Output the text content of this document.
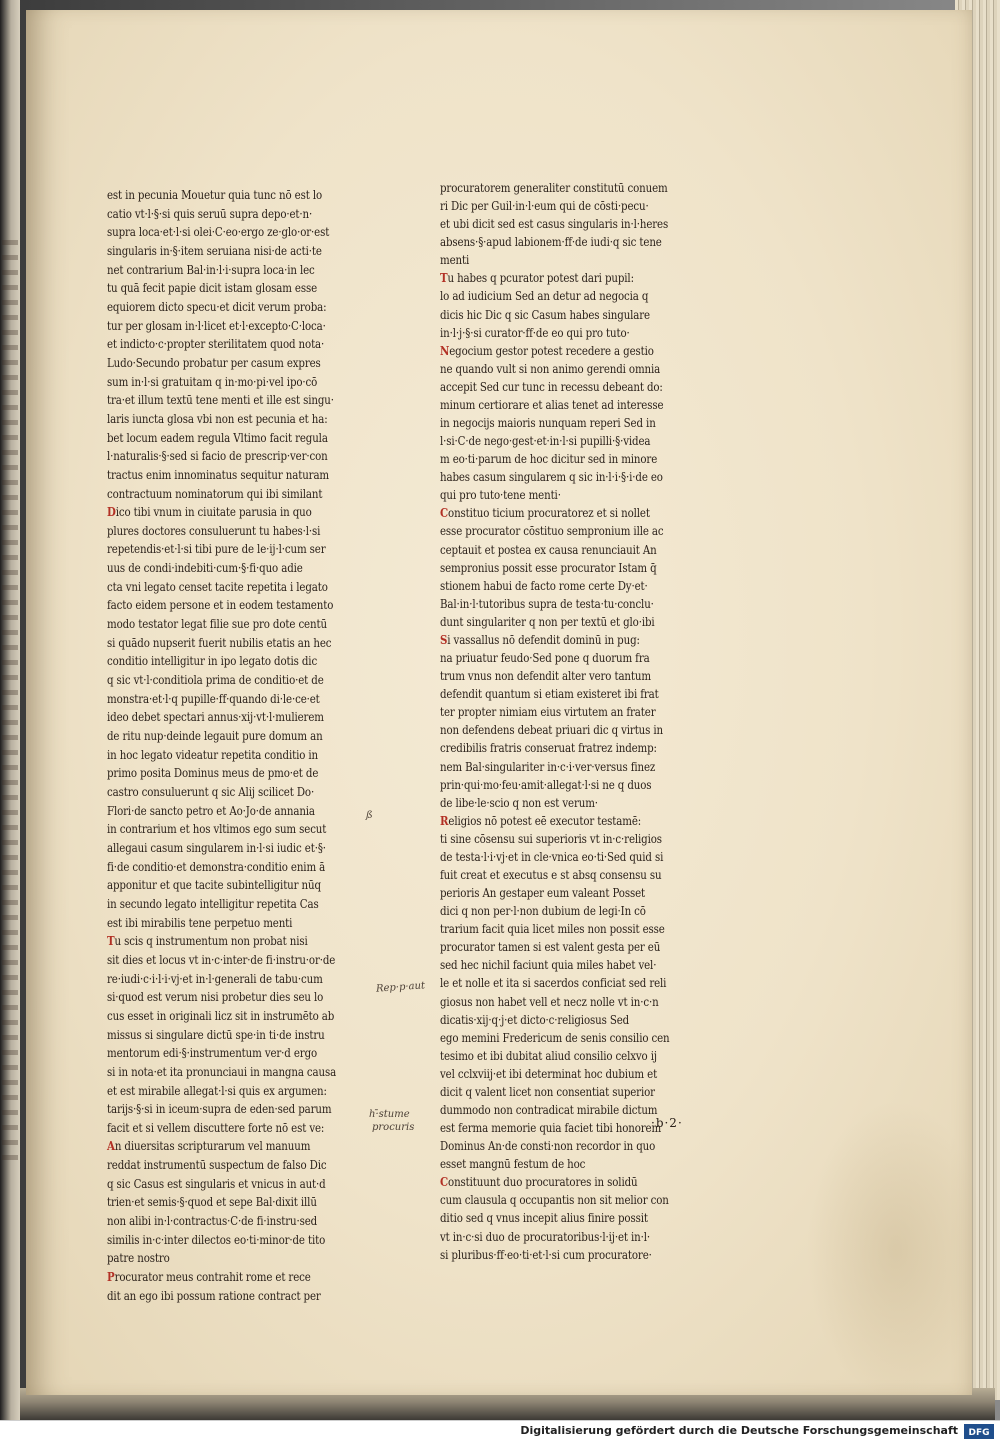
est in pecunia Mouetur quia tunc nō est lo
catio vt·l·§·si quis seruū supra depo·et·n·
supra loca·et·l·si olei·C·eo·ergo ze·glo·or·est
singularis in·§·item seruiana nisi·de acti·te
net contrarium Bal·in·l·i·supra loca·in lec
tu quā fecit papie dicit istam glosam esse
equiorem dicto specu·et dicit verum proba:
tur per glosam in·l·licet et·l·excepto·C·loca·
et indicto·c·propter sterilitatem quod nota·
Ludo·Secundo probatur per casum expres
sum in·l·si gratuitam q in·mo·pi·vel ipo·cō
tra·et illum textū tene menti et ille est singu·
laris iuncta glosa vbi non est pecunia et ha:
bet locum eadem regula Vltimo facit regula
l·naturalis·§·sed si facio de prescrip·ver·con
tractus enim innominatus sequitur naturam
contractuum nominatorum qui ibi similant
Dico tibi vnum in ciuitate parusia in quo
plures doctores consuluerunt tu habes·l·si
repetendis·et·l·si tibi pure de le·ij·l·cum ser
uus de condi·indebiti·cum·§·fi·quo adie
cta vni legato censet tacite repetita i legato
facto eidem persone et in eodem testamento
modo testator legat filie sue pro dote centū
si quādo nupserit fuerit nubilis etatis an hec
conditio intelligitur in ipo legato dotis dic
q sic vt·l·conditiola prima de conditio·et de
monstra·et·l·q pupille·ff·quando di·le·ce·et
ideo debet spectari annus·xij·vt·l·mulierem
de ritu nup·deinde legauit pure domum an
in hoc legato videatur repetita conditio in
primo posita Dominus meus de pmo·et de
castro consuluerunt q sic Alij scilicet Do·
Flori·de sancto petro et Ao·Jo·de annania
in contrarium et hos vltimos ego sum secut
allegaui casum singularem in·l·si iudic et·§·
fi·de conditio·et demonstra·conditio enim ā
apponitur et que tacite subintelligitur nūq
in secundo legato intelligitur repetita Cas
est ibi mirabilis tene perpetuo menti
Tu scis q instrumentum non probat nisi
sit dies et locus vt in·c·inter·de fi·instru·or·de
re·iudi·c·i·l·i·vj·et in·l·generali de tabu·cum
si·quod est verum nisi probetur dies seu lo
cus esset in originali licz sit in instrumēto ab
missus si singulare dictū spe·in ti·de instru
mentorum edi·§·instrumentum ver·d ergo
si in nota·et ita pronunciaui in mangna causa
et est mirabile allegat·l·si quis ex argumen:
tarijs·§·si in iceum·supra de eden·sed parum
facit et si vellem discuttere forte nō est ve:
An diuersitas scripturarum vel manuum
reddat instrumentū suspectum de falso Dic
q sic Casus est singularis et vnicus in aut·d
trien·et semis·§·quod et sepe Bal·dixit illū
non alibi in·l·contractus·C·de fi·instru·sed
similis in·c·inter dilectos eo·ti·minor·de tito
patre nostro
Procurator meus contrahit rome et rece
dit an ego ibi possum ratione contract per
procuratorem generaliter constitutū conuem
ri Dic per Guil·in·l·eum qui de cōsti·pecu·
et ubi dicit sed est casus singularis in·l·heres
absens·§·apud labionem·ff·de iudi·q sic tene
menti
Tu habes q pcurator potest dari pupil:
lo ad iudicium Sed an detur ad negocia q
dicis hic Dic q sic Casum habes singulare
in·l·j·§·si curator·ff·de eo qui pro tuto·
Negocium gestor potest recedere a gestio
ne quando vult si non animo gerendi omnia
accepit Sed cur tunc in recessu debeant do:
minum certiorare et alias tenet ad interesse
in negocijs maioris nunquam reperi Sed in
l·si·C·de nego·gest·et·in·l·si pupilli·§·videa
m eo·ti·parum de hoc dicitur sed in minore
habes casum singularem q sic in·l·i·§·i·de eo
qui pro tuto·tene menti·
Constituo ticium procuratorez et si nollet
esse procurator cōstituo sempronium ille ac
ceptauit et postea ex causa renunciauit An
sempronius possit esse procurator Istam q̄
stionem habui de facto rome certe Dy·et·
Bal·in·l·tutoribus supra de testa·tu·conclu·
dunt singulariter q non per textū et glo·ibi
Si vassallus nō defendit dominū in pug:
na priuatur feudo·Sed pone q duorum fra
trum vnus non defendit alter vero tantum
defendit quantum si etiam existeret ibi frat
ter propter nimiam eius virtutem an frater
non defendens debeat priuari dic q virtus in
credibilis fratris conseruat fratrez indemp:
nem Bal·singulariter in·c·i·ver·versus finez
prin·qui·mo·feu·amit·allegat·l·si ne q duos
de libe·le·scio q non est verum·
Religios nō potest eē executor testamē:
ti sine cōsensu sui superioris vt in·c·religios
de testa·l·i·vj·et in cle·vnica eo·ti·Sed quid si
fuit creat et executus e st absq consensu su
perioris An gestaper eum valeant Posset
dici q non per·l·non dubium de legi·In cō
trarium facit quia licet miles non possit esse
procurator tamen si est valent gesta per eū
sed hec nichil faciunt quia miles habet vel·
le et nolle et ita si sacerdos conficiat sed reli
giosus non habet vell et necz nolle vt in·c·n
dicatis·xij·q·j·et dicto·c·religiosus Sed
ego memini Fredericum de senis consilio cen
tesimo et ibi dubitat aliud consilio celxvo ij
vel cclxviij·et ibi determinat hoc dubium et
dicit q valent licet non consentiat superior
dummodo non contradicat mirabile dictum
est ferma memorie quia faciet tibi honorem
Dominus An·de consti·non recordor in quo
esset mangnū festum de hoc
Constituunt duo procuratores in solidū
cum clausula q occupantis non sit melior con
ditio sed q vnus incepit alius finire possit
vt in·c·si duo de procuratoribus·l·ij·et in·l·
si pluribus·ff·eo·ti·et·l·si cum procuratore·
ß
Rep·p·aut
h·̄stume
procuris	·b·2·
Digitalisierung gefördert durch die Deutsche Forschungsgemeinschaft DFG
